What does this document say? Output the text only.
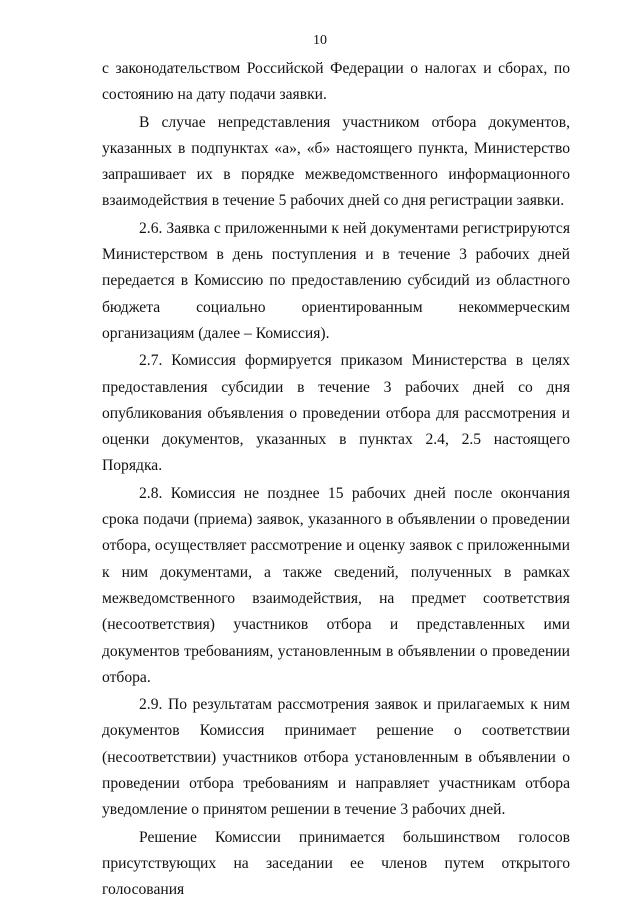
10

с законодательством Российской Федерации о налогах и сборах, по состоянию на дату подачи заявки.

В случае непредставления участником отбора документов, указанных в подпунктах «а», «б» настоящего пункта, Министерство запрашивает их в порядке межведомственного информационного взаимодействия в течение 5 рабочих дней со дня регистрации заявки.

2.6. Заявка с приложенными к ней документами регистрируются Министерством в день поступления и в течение 3 рабочих дней передается в Комиссию по предоставлению субсидий из областного бюджета социально ориентированным некоммерческим организациям (далее – Комиссия).

2.7. Комиссия формируется приказом Министерства в целях предоставления субсидии в течение 3 рабочих дней со дня опубликования объявления о проведении отбора для рассмотрения и оценки документов, указанных в пунктах 2.4, 2.5 настоящего Порядка.

2.8. Комиссия не позднее 15 рабочих дней после окончания срока подачи (приема) заявок, указанного в объявлении о проведении отбора, осуществляет рассмотрение и оценку заявок с приложенными к ним документами, а также сведений, полученных в рамках межведомственного взаимодействия, на предмет соответствия (несоответствия) участников отбора и представленных ими документов требованиям, установленным в объявлении о проведении отбора.

2.9. По результатам рассмотрения заявок и прилагаемых к ним документов Комиссия принимает решение о соответствии (несоответствии) участников отбора установленным в объявлении о проведении отбора требованиям и направляет участникам отбора уведомление о принятом решении в течение 3 рабочих дней.

Решение Комиссии принимается большинством голосов присутствующих на заседании ее членов путем открытого голосования
